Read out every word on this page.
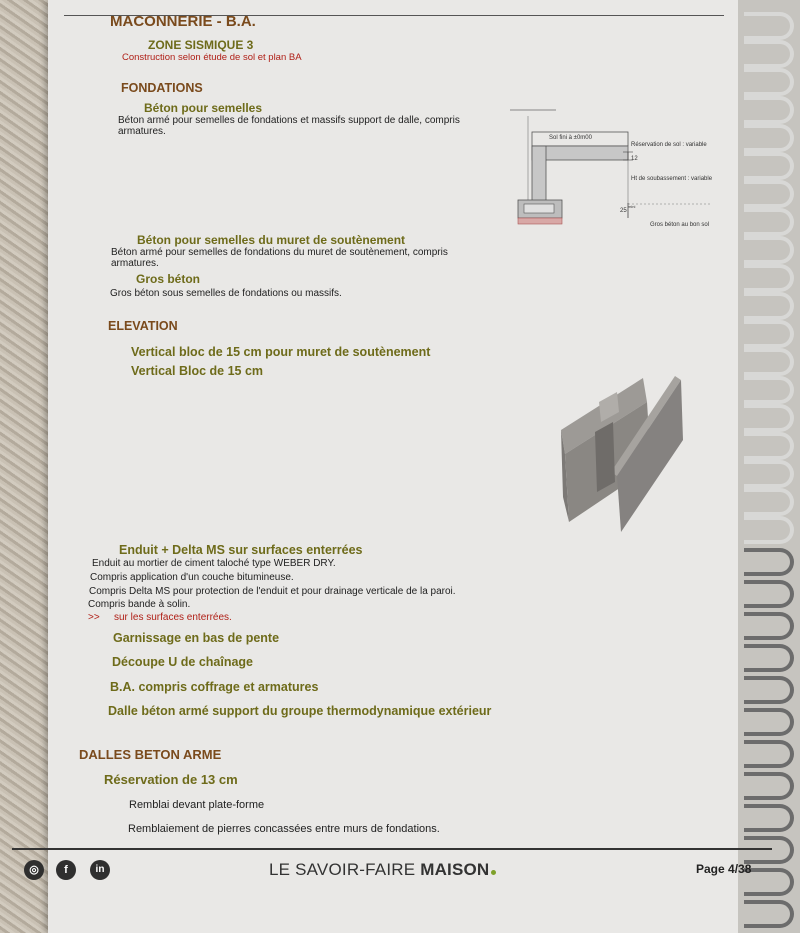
MACONNERIE - B.A.
ZONE SISMIQUE 3
Construction selon étude de sol et plan BA
FONDATIONS
Béton pour semelles
Béton armé pour semelles de fondations et massifs support de dalle, compris
armatures.
Sol fini à ±0m00
Réservation de sol : variable
12
Ht de soubassement : variable
25
mini
Gros béton au bon sol
Béton pour semelles du muret de soutènement
Béton armé pour semelles de fondations du muret de soutènement, compris
armatures.
Gros béton
Gros béton sous semelles de fondations ou massifs.
ELEVATION
Vertical bloc de 15 cm pour muret de soutènement
Vertical Bloc de 15 cm
Enduit + Delta MS sur surfaces enterrées
Enduit au mortier de ciment taloché type WEBER DRY.
Compris application d'un couche bitumineuse.
Compris Delta MS pour protection de l'enduit et pour drainage verticale de la paroi.
Compris bande à solin.
>> sur les surfaces enterrées.
Garnissage en bas de pente
Découpe U de chaînage
B.A. compris coffrage et armatures
Dalle béton armé support du groupe thermodynamique extérieur
DALLES BETON ARME
Réservation de 13 cm
Remblai devant plate-forme
Remblaiement de pierres concassées entre murs de fondations.
◎	f	in	LE SAVOIR-FAIRE MAISON	Page 4/38
